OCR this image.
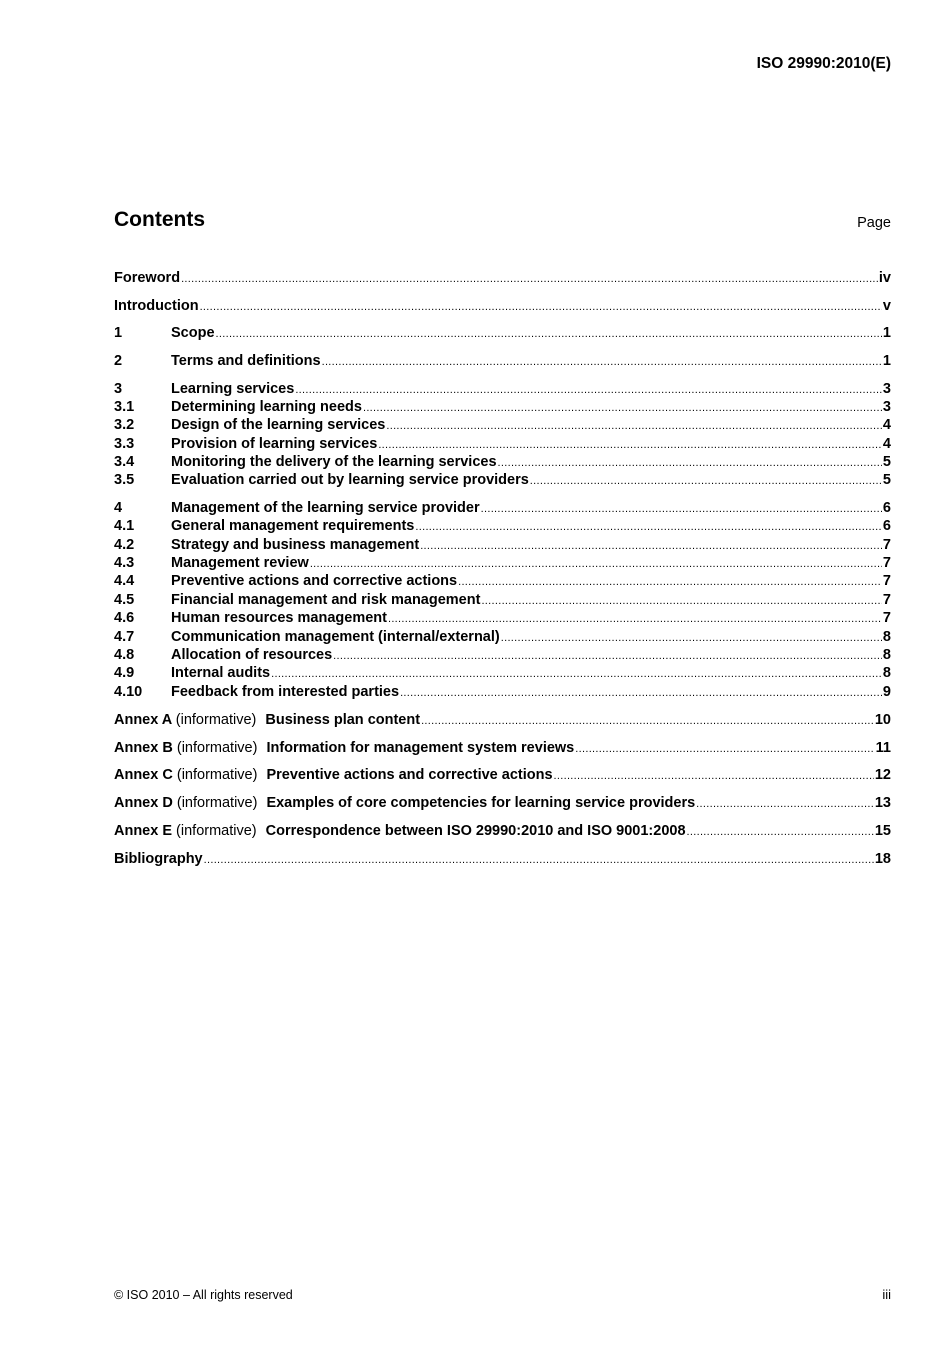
ISO 29990:2010(E)
Contents	Page
Foreword .....	iv
Introduction .....	v
1	Scope .....	1
2	Terms and definitions .....	1
3	Learning services .....	3
3.1	Determining learning needs .....	3
3.2	Design of the learning services .....	4
3.3	Provision of learning services .....	4
3.4	Monitoring the delivery of the learning services .....	5
3.5	Evaluation carried out by learning service providers .....	5
4	Management of the learning service provider .....	6
4.1	General management requirements .....	6
4.2	Strategy and business management .....	7
4.3	Management review .....	7
4.4	Preventive actions and corrective actions .....	7
4.5	Financial management and risk management .....	7
4.6	Human resources management .....	7
4.7	Communication management (internal/external) .....	8
4.8	Allocation of resources .....	8
4.9	Internal audits .....	8
4.10	Feedback from interested parties .....	9
Annex A (informative) Business plan content .....	10
Annex B (informative) Information for management system reviews .....	11
Annex C (informative) Preventive actions and corrective actions .....	12
Annex D (informative) Examples of core competencies for learning service providers .....	13
Annex E (informative) Correspondence between ISO 29990:2010 and ISO 9001:2008 .....	15
Bibliography .....	18
© ISO 2010 – All rights reserved	iii
